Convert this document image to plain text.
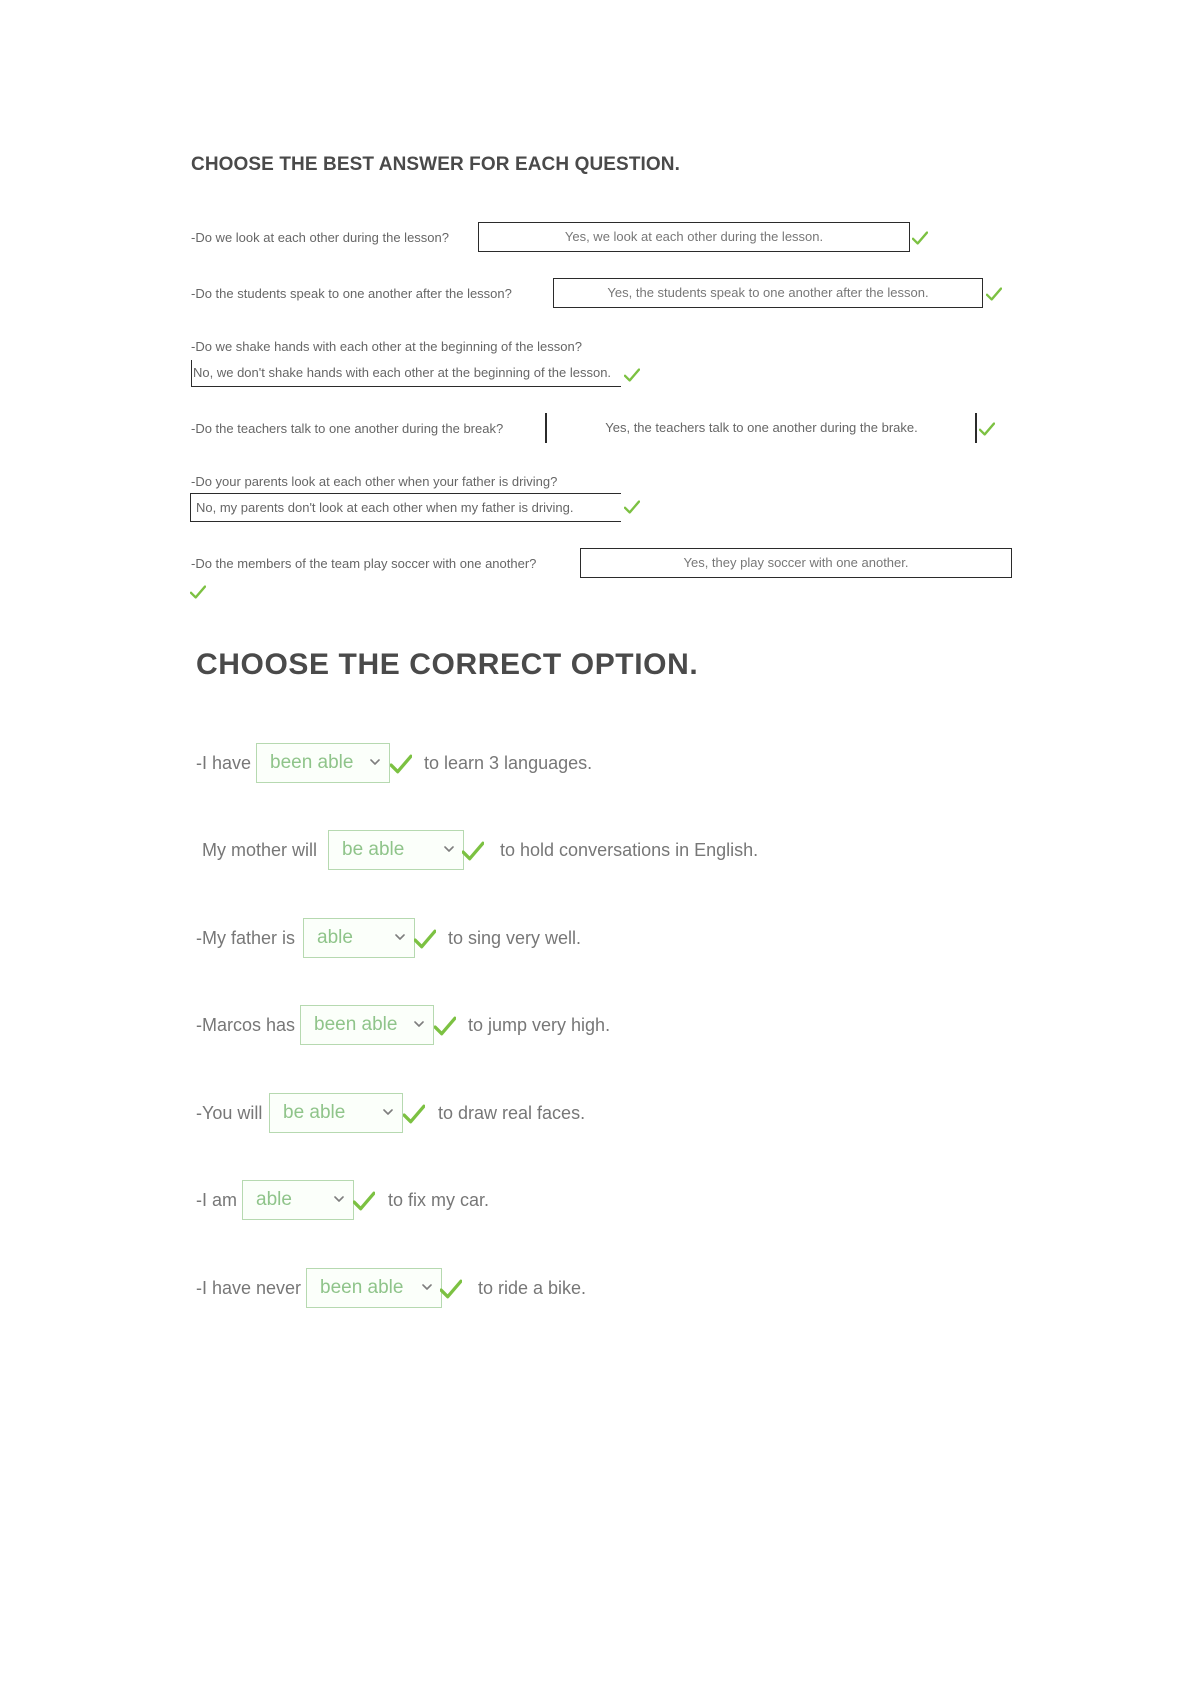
CHOOSE THE BEST ANSWER FOR EACH QUESTION.
-Do we look at each other during the lesson?	Yes, we look at each other during the lesson.
-Do the students speak to one another after the lesson?	Yes, the students speak to one another after the lesson.
-Do we shake hands with each other at the beginning of the lesson?
No, we don't shake hands with each other at the beginning of the lesson.
-Do the teachers talk to one another during the break?	Yes, the teachers talk to one another during the brake.
-Do your parents look at each other when your father is driving?
No, my parents don't look at each other when my father is driving.
-Do the members of the team play soccer with one another?	Yes, they play soccer with one another.
CHOOSE THE CORRECT OPTION.
-I have been able	to learn 3 languages.
My mother will be able	to hold conversations in English.
-My father is able	to sing very well.
-Marcos has been able	to jump very high.
-You will be able	to draw real faces.
-I am able	to fix my car.
-I have never been able	to ride a bike.
